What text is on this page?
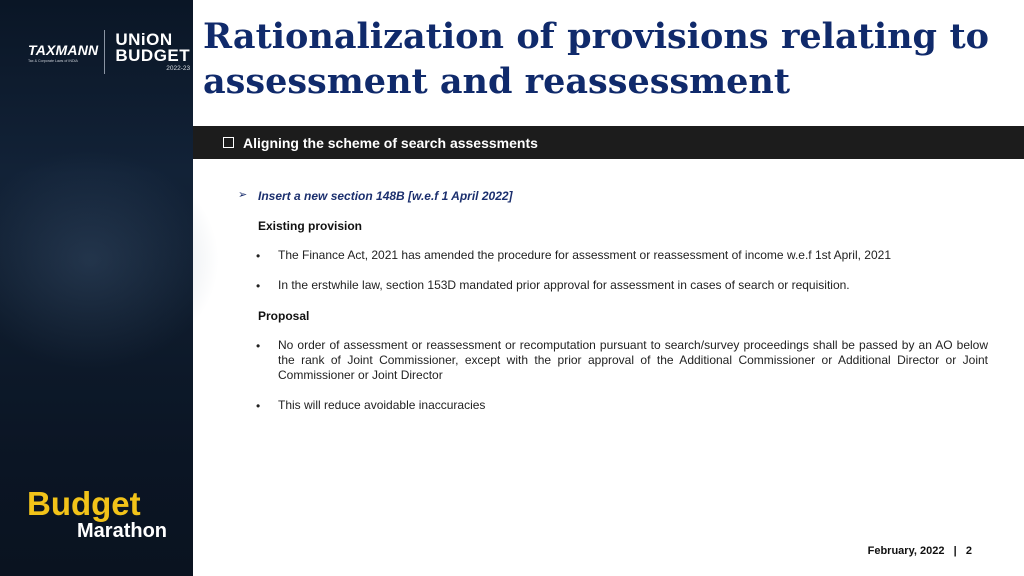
TAXMANN
Tax & Corporate Laws of INDIA
UNiON
BUDGET
2022-23
Budget
Marathon
Rationalization of provisions relating to
assessment and reassessment
Aligning the scheme of search assessments
➢ Insert a new section 148B [w.e.f 1 April 2022]
Existing provision
• The Finance Act, 2021 has amended the procedure for assessment or reassessment of income w.e.f 1st April, 2021
• In the erstwhile law, section 153D mandated prior approval for assessment in cases of search or requisition.
Proposal
• No order of assessment or reassessment or recomputation pursuant to search/survey proceedings shall be passed by an AO below the rank of Joint Commissioner, except with the prior approval of the Additional Commissioner or Additional Director or Joint Commissioner or Joint Director
• This will reduce avoidable inaccuracies
February, 2022 | 2
